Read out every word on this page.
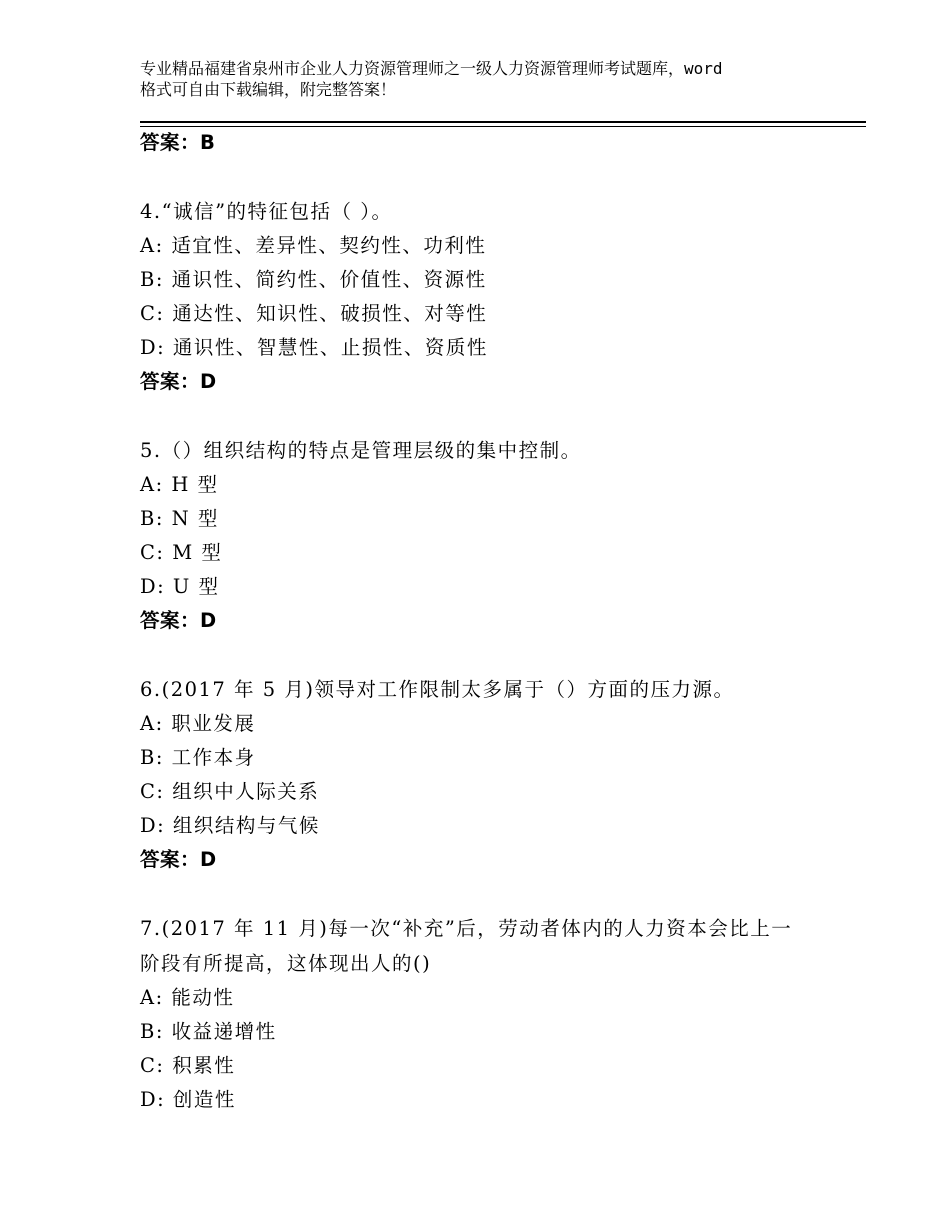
专业精品福建省泉州市企业人力资源管理师之一级人力资源管理师考试题库，word
格式可自由下载编辑，附完整答案！
答案：B
4.“诚信”的特征包括（ ）。
A: 适宜性、差异性、契约性、功利性
B: 通识性、简约性、价值性、资源性
C: 通达性、知识性、破损性、对等性
D: 通识性、智慧性、止损性、资质性
答案：D
5.（）组织结构的特点是管理层级的集中控制。
A: H 型
B: N 型
C: M 型
D: U 型
答案：D
6.(2017 年 5 月)领导对工作限制太多属于（）方面的压力源。
A: 职业发展
B: 工作本身
C: 组织中人际关系
D: 组织结构与气候
答案：D
7.(2017 年 11 月)每一次“补充”后，劳动者体内的人力资本会比上一
阶段有所提高，这体现出人的()
A: 能动性
B: 收益递增性
C: 积累性
D: 创造性
